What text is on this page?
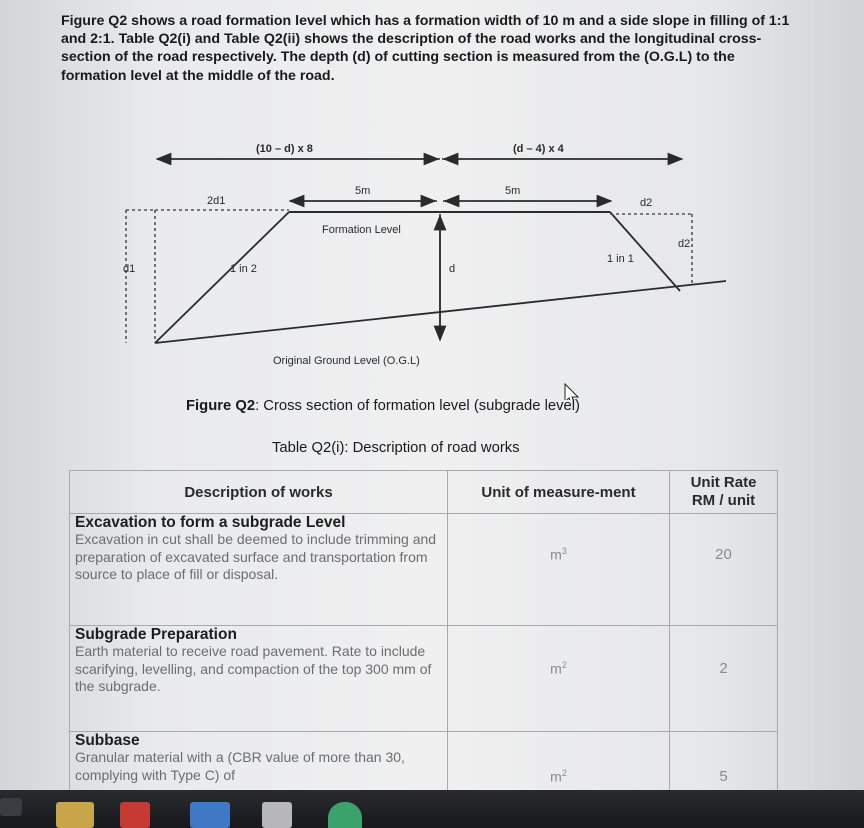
Figure Q2 shows a road formation level which has a formation width of 10 m and a side slope in filling of 1:1 and 2:1. Table Q2(i) and Table Q2(ii) shows the description of the road works and the longitudinal cross-section of the road respectively. The depth (d) of cutting section is measured from the (O.G.L) to the formation level at the middle of the road.
(10 – d) x 8	(d – 4) x 4
2d1
5m	5m
d2
Formation Level
d2
1 in 1
d1	1 in 2	d
Original Ground Level (O.G.L)
Figure Q2: Cross section of formation level (subgrade level)
Table Q2(i): Description of road works
Description of works	Unit of measure-ment	Unit Rate
RM / unit

Excavation to form a subgrade Level
Excavation in cut shall be deemed to include trimming and preparation of excavated surface and transportation from source to place of fill or disposal.	$m^3$	20

Subgrade Preparation
Earth material to receive road pavement. Rate to include scarifying, levelling, and compaction of the top 300 mm of the subgrade.	$m^2$	2

Subbase
Granular material with a (CBR value of more than 30, complying with Type C) of	$m^2$	5
